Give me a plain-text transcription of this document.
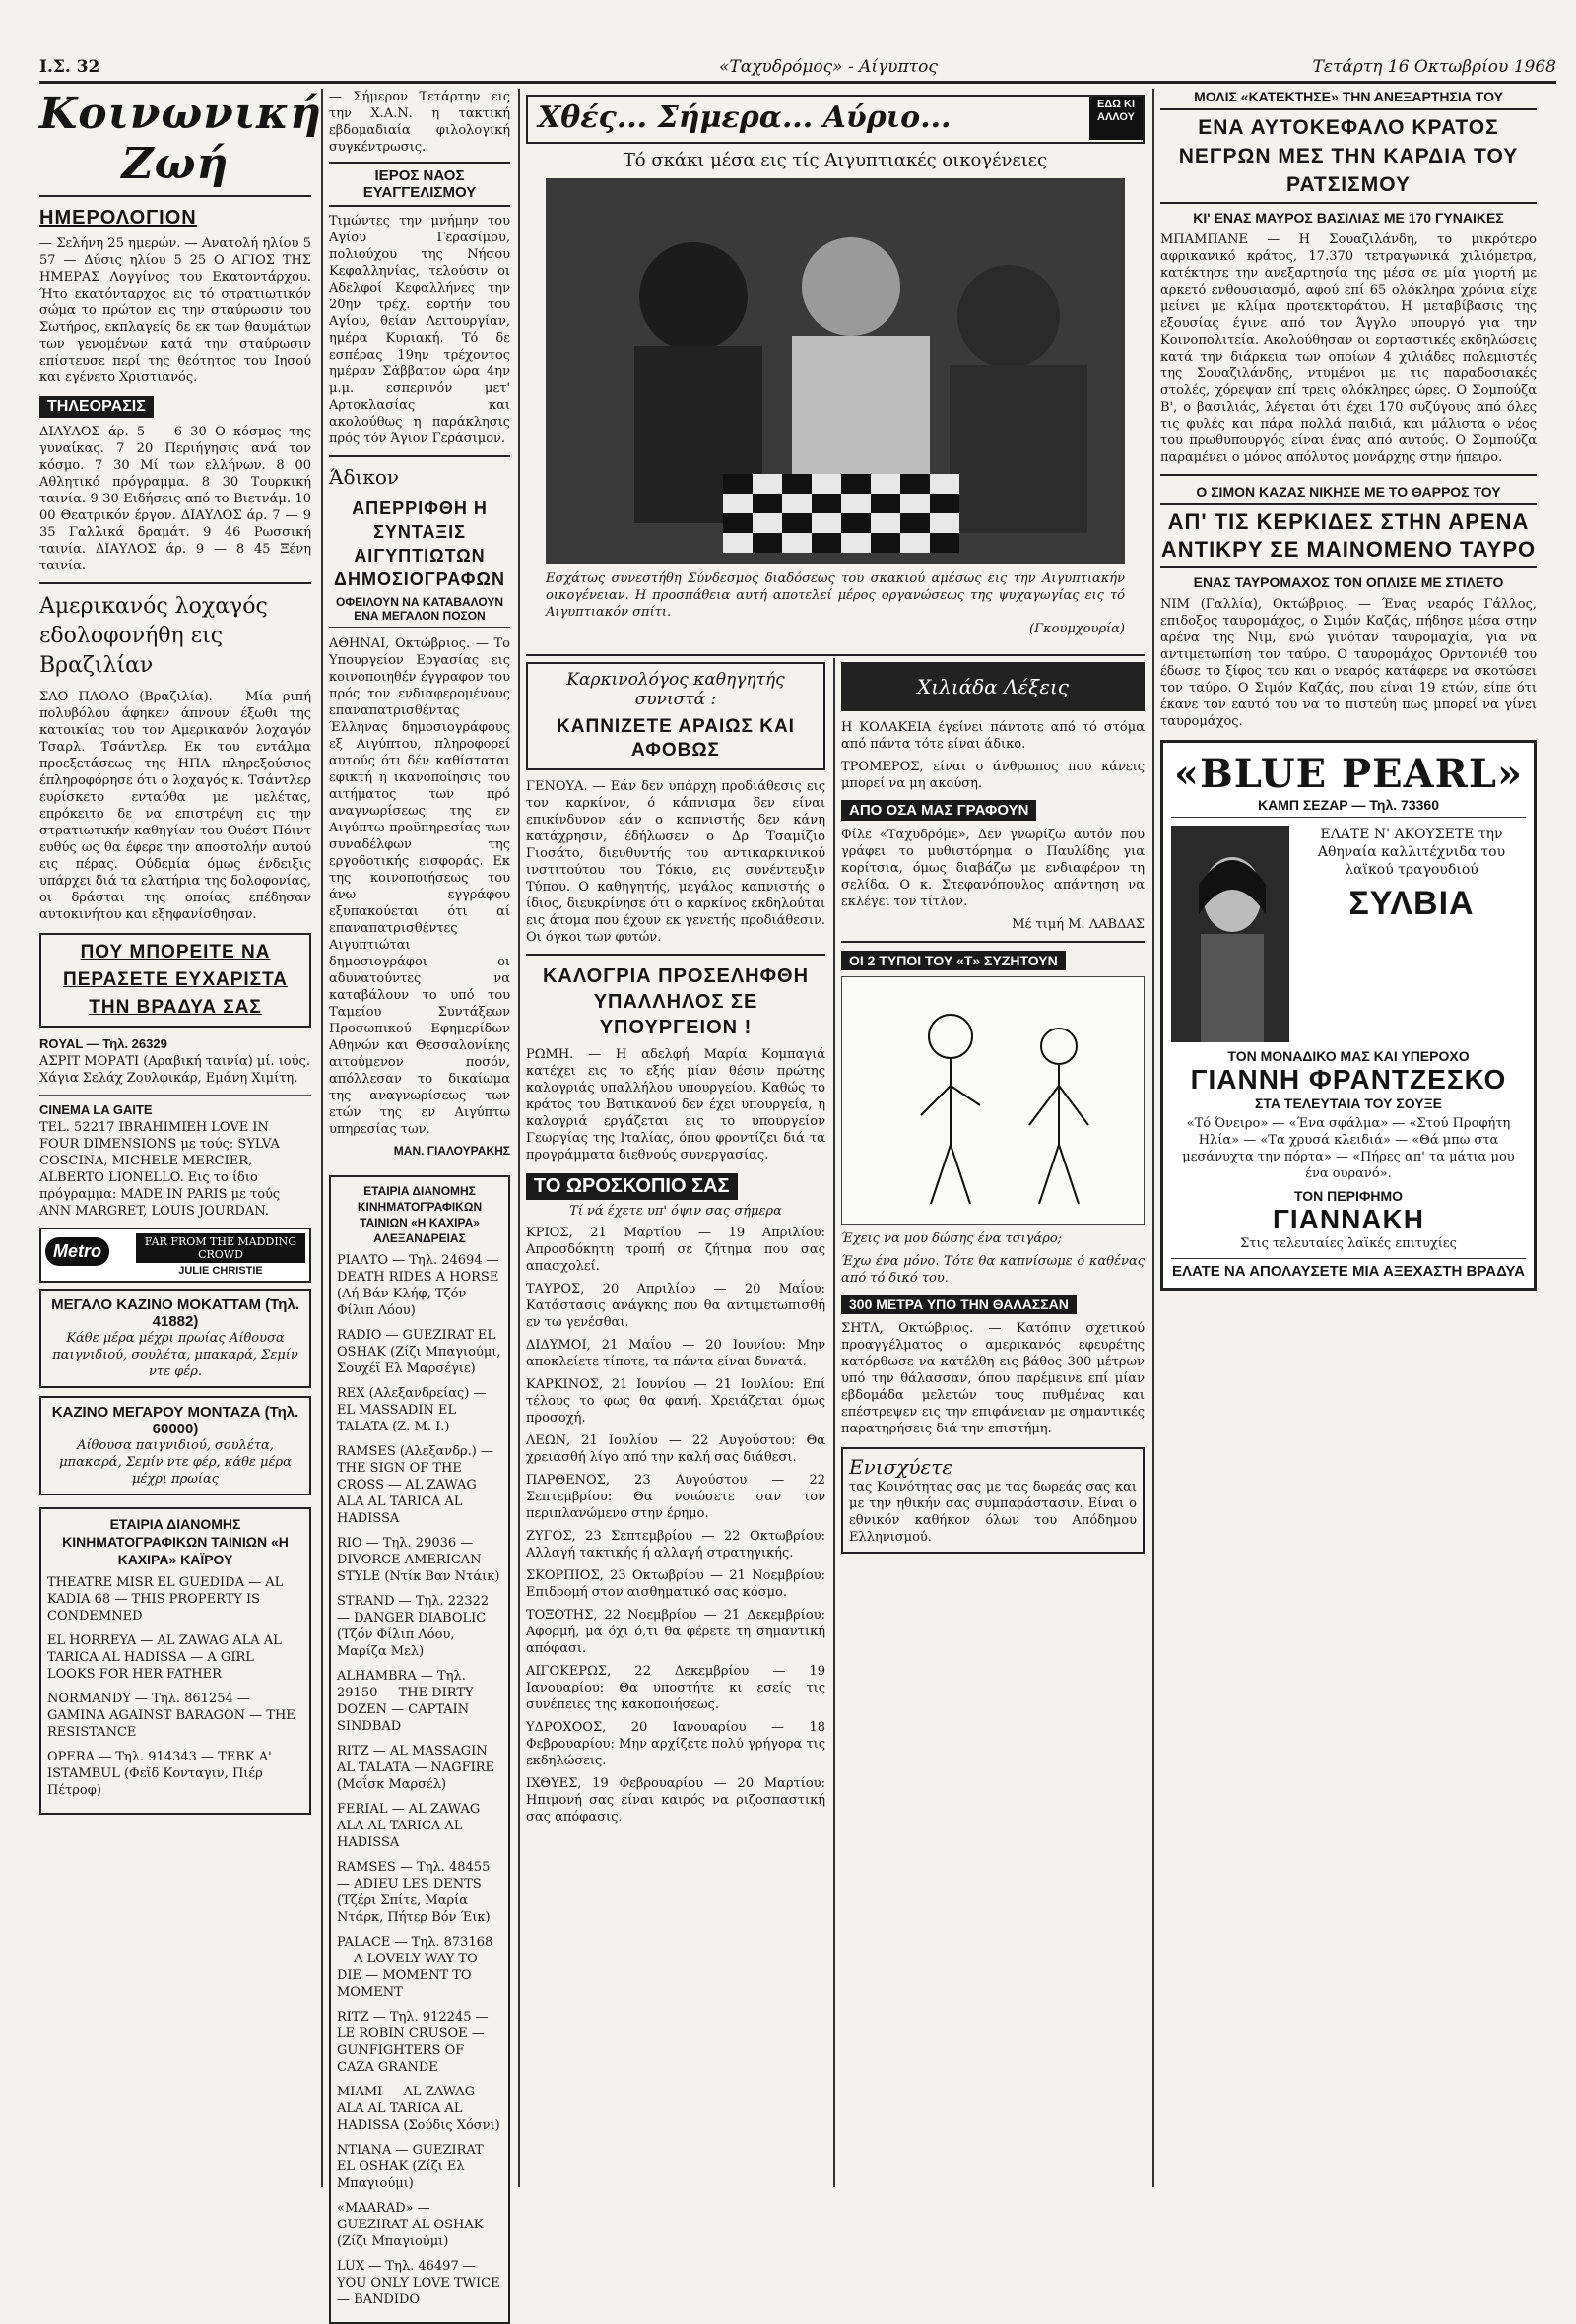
Ι.Σ. 32	«Ταχυδρόμος» - Αίγυπτος	Τετάρτη 16 Οκτωβρίου 1968
Κοινωνική Ζωή
ΗΜΕΡΟΛΟΓΙΟΝ

— Σελήνη 25 ημερών. — Ανατολή ηλίου 5 57 — Δύσις ηλίου 5 25 Ο ΑΓΙΟΣ ΤΗΣ ΗΜΕΡΑΣ Λογγίνος του Εκατοντάρχου. Ήτο εκατόνταρχος εις τό στρατιωτικόν σώμα το πρώτον εις την σταύρωσιν του Σωτήρος, εκπλαγείς δε εκ των θαυμάτων των γενομένων κατά την σταύρωσιν επίστευσε περί της θεότητος του Ιησού και εγένετο Χριστιανός.

ΤΗΛΕΟΡΑΣΙΣ

ΔΙΑΥΛΟΣ άρ. 5 — 6 30 Ο κόσμος της γυναίκας. 7 20 Περιήγησις ανά τον κόσμο. 7 30 Μί των ελλήνων. 8 00 Αθλητικό πρόγραμμα. 8 30 Τουρκική ταινία. 9 30 Ειδήσεις από το Βιετνάμ. 10 00 Θεατρικόν έργον. ΔΙΑΥΛΟΣ άρ. 7 — 9 35 Γαλλικά δραμάτ. 9 46 Ρωσσική ταινία. ΔΙΑΥΛΟΣ άρ. 9 — 8 45 Ξένη ταινία.

Αμερικανός λοχαγός εδολοφονήθη εις Βραζιλίαν

ΣΑΟ ΠΑΟΛΟ (Βραζιλία). — Μία ριπή πολυβόλου άφηκεν άπνουν έξωθι της κατοικίας του τον Αμερικανόν λοχαγόν Τσαρλ. Τσάντλερ. Εκ του εντάλμα προεξετάσεως της ΗΠΑ πληρεξούσιος έπληροφόρησε ότι ο λοχαγός κ. Τσάντλερ ευρίσκετο ενταύθα με μελέτας, επρόκειτο δε να επιστρέψη εις την στρατιωτικήν καθηγίαν του Ουέστ Πόιντ ευθύς ως θα έφερε την αποστολήν αυτού εις πέρας. Ούδεμία όμως ένδειξις υπάρχει διά τα ελατήρια της δολοφονίας, οι δράσται της οποίας επέδησαν αυτοκινήτου και εξηφανίσθησαν.

ΠΟΥ ΜΠΟΡΕΙΤΕ ΝΑ ΠΕΡΑΣΕΤΕ ΕΥΧΑΡΙΣΤΑ ΤΗΝ ΒΡΑΔΥΑ ΣΑΣ
ROYAL — Τηλ. 26329
ΑΣΡΙΤ ΜΟΡΑΤΙ (Αραβική ταινία) μί. ιούς. Χάγια Σελάχ Ζουλφικάρ, Εμάνη Χιμίτη.
CINEMA LA GAITE
TEL. 52217 IBRAHIMIEH LOVE IN FOUR DIMENSIONS με τούς: SYLVA COSCINA, MICHELE MERCIER, ALBERTO LIONELLO. Εις το ίδιο πρόγραμμα: MADE IN PARIS με τούς ANN MARGRET, LOUIS JOURDAN.
Metro	FAR FROM THE MADDING CROWD
JULIE CHRISTIE
ΜΕΓΑΛΟ ΚΑΖΙΝΟ ΜΟΚΑΤΤΑΜ (Τηλ. 41882)
Κάθε μέρα μέχρι πρωίας Αίθουσα παιγνιδιού, σουλέτα, μπακαρά, Σεμίν ντε φέρ.
ΚΑΖΙΝΟ ΜΕΓΑΡΟΥ ΜΟΝΤΑΖΑ (Τηλ. 60000)
Αίθουσα παιγνιδιού, σουλέτα, μπακαρά, Σεμίν ντε φέρ, κάθε μέρα μέχρι πρωίας
ΕΤΑΙΡΙΑ ΔΙΑΝΟΜΗΣ ΚΙΝΗΜΑΤΟΓΡΑΦΙΚΩΝ ΤΑΙΝΙΩΝ «Η ΚΑΧΙΡΑ» ΚΑΪΡΟΥ
THEATRE MISR EL GUEDIDA — AL KADIA 68 — THIS PROPERTY IS CONDEMNED
EL HORREYA — AL ZAWAG ALA AL TARICA AL HADISSA — A GIRL LOOKS FOR HER FATHER
NORMANDY — Τηλ. 861254 — GAMINA AGAINST BARAGON — THE RESISTANCE
OPERA — Τηλ. 914343 — ΤΕΒΚ Α' ISTAMBUL (Φεϊδ Κονταγιν, Πιέρ Πέτροφ)

— Σήμερον Τετάρτην εις την Χ.Α.Ν. η τακτική εβδομαδιαία φιλολογική συγκέντρωσις.

ΙΕΡΟΣ ΝΑΟΣ ΕΥΑΓΓΕΛΙΣΜΟΥ

Τιμώντες την μνήμην του Αγίου Γερασίμου, πολιούχου της Νήσου Κεφαλληνίας, τελούσιν οι Αδελφοί Κεφαλλήνες την 20ην τρέχ. εορτήν του Αγίου, θείαν Λειτουργίαν, ημέρα Κυριακή. Τό δε εσπέρας 19ην τρέχοντος ημέραν Σάββατον ώρα 4ην μ.μ. εσπερινόν μετ' Αρτοκλασίας και ακολούθως η παράκλησις πρός τόν Άγιον Γεράσιμον.

Άδικον
ΑΠΕΡΡΙΦΘΗ Η ΣΥΝΤΑΞΙΣ ΑΙΓΥΠΤΙΩΤΩΝ ΔΗΜΟΣΙΟΓΡΑΦΩΝ
ΟΦΕΙΛΟΥΝ ΝΑ ΚΑΤΑΒΑΛΟΥΝ ΕΝΑ ΜΕΓΑΛΟΝ ΠΟΣΟΝ

ΑΘΗΝΑΙ, Οκτώβριος. — Το Υπουργείον Εργασίας εις κοινοποιηθέν έγγραφον του πρός τον ενδιαφερομένους επαναπατρισθέντας Έλληνας δημοσιογράφους εξ Αιγύπτου, πληροφορεί αυτούς ότι δέν καθίσταται εφικτή η ικανοποίησις του αιτήματος των πρό αναγνωρίσεως της εν Αιγύπτω προϋπηρεσίας των συναδέλφων της εργοδοτικής εισφοράς. Εκ της κοινοποιήσεως του άνω εγγράφου εξυπακούεται ότι αί επαναπατρισθέντες Αιγυπτιώται δημοσιογράφοι οι αδυνατούντες να καταβάλουν το υπό του Ταμείου Συντάξεων Προσωπικού Εφημερίδων Αθηνών και Θεσσαλονίκης αιτούμενον ποσόν, απόλλεσαν το δικαίωμα της αναγνωρίσεως των ετών της εν Αιγύπτω υπηρεσίας των.

ΜΑΝ. ΓΙΑΛΟΥΡΑΚΗΣ
ΕΤΑΙΡΙΑ ΔΙΑΝΟΜΗΣ ΚΙΝΗΜΑΤΟΓΡΑΦΙΚΩΝ ΤΑΙΝΙΩΝ «Η ΚΑΧΙΡΑ» ΑΛΕΞΑΝΔΡΕΙΑΣ
ΡΙΑΛΤΟ — Τηλ. 24694 — DEATH RIDES A HORSE (Λή Βάν Κλήφ, Τζόν Φίλιπ Λόου)
RADIO — GUEZIRAT EL OSHAK (Ζίζι Μπαγιούμι, Σουχέϊ Ελ Μαρσέγιε)
REX (Αλεξανδρείας) — EL MASSADIN EL TALATA (Ζ. Μ. Ι.)
RAMSES (Αλεξανδρ.) — THE SIGN OF THE CROSS — AL ZAWAG ALA AL TARICA AL HADISSA
RIO — Τηλ. 29036 — DIVORCE AMERICAN STYLE (Ντίκ Βαν Ντάικ)
STRAND — Τηλ. 22322 — DANGER DIABOLIC (Τζόν Φίλιπ Λόου, Μαρίζα Μελ)
ALHAMBRA — Τηλ. 29150 — THE DIRTY DOZEN — CAPTAIN SINDBAD
RITZ — AL MASSAGIN AL TALATA — NAGFIRE (Μοΐσκ Μαρσέλ)
FERIAL — AL ZAWAG ALA AL TARICA AL HADISSA
RAMSES — Τηλ. 48455 — ADIEU LES DENTS (Τζέρι Σπίτε, Μαρία Ντάρκ, Πήτερ Βόν Έικ)
PALACE — Τηλ. 873168 — A LOVELY WAY TO DIE — MOMENT TO MOMENT
RITZ — Τηλ. 912245 — LE ROBIN CRUSOE — GUNFIGHTERS OF CAZA GRANDE
MIAMI — AL ZAWAG ALA AL TARICA AL HADISSA (Σούδις Χόσνι)
NTIANA — GUEZIRAT EL OSHAK (Ζίζι Ελ Μπαγιούμι)
«MAARAD» — GUEZIRAT AL OSHAK (Ζίζι Μπαγιούμι)
LUX — Τηλ. 46497 — YOU ONLY LOVE TWICE — BANDIDO
Χθές... Σήμερα... Αύριο...	ΕΔΩ ΚΙ ΑΛΛΟΥ
Τό σκάκι μέσα εις τίς Αιγυπτιακές οικογένειες

Εσχάτως συνεστήθη Σύνδεσμος διαδόσεως του σκακιού αμέσως εις την Αιγυπτιακήν οικογένειαν. Η προσπάθεια αυτή αποτελεί μέρος οργανώσεως της ψυχαγωγίας εις τό Αιγυπτιακόν σπίτι.

(Γκουμχουρία)
Καρκινολόγος καθηγητής συνιστά :
ΚΑΠΝΙΖΕΤΕ ΑΡΑΙΩΣ ΚΑΙ ΑΦΟΒΩΣ

ΓΕΝΟΥΑ. — Εάν δεν υπάρχη προδιάθεσις εις τον καρκίνον, ό κάπνισμα δεν είναι επικίνδυνον εάν ο καπνιστής δεν κάνη κατάχρησιν, έδήλωσεν ο Δρ Τσαμίζιο Γιοσάτο, διευθυντής του αντικαρκινικού ινστιτούτου του Τόκιο, εις συνέντευξιν Τύπου. Ο καθηγητής, μεγάλος καπνιστής ο ίδιος, διευκρίνησε ότι ο καρκίνος εκδηλούται εις άτομα που έχουν εκ γενετής προδιάθεσιν. Οι όγκοι των φυτών.

ΚΑΛΟΓΡΙΑ ΠΡΟΣΕΛΗΦΘΗ ΥΠΑΛΛΗΛΟΣ ΣΕ ΥΠΟΥΡΓΕΙΟΝ !

ΡΩΜΗ. — Η αδελφή Μαρία Κομπαγιά κατέχει εις το εξής μίαν θέσιν πρώτης καλογριάς υπαλλήλου υπουργείου. Καθώς το κράτος του Βατικανού δεν έχει υπουργεία, η καλογριά εργάζεται εις το υπουργείον Γεωργίας της Ιταλίας, όπου φροντίζει διά τα προγράμματα διεθνούς συνεργασίας.

ΤΟ ΩΡΟΣΚΟΠΙΟ ΣΑΣ
Τί νά έχετε υπ' όψιν σας σήμερα

ΚΡΙΟΣ, 21 Μαρτίου — 19 Απριλίου: Απροσδόκητη τροπή σε ζήτημα που σας απασχολεί.

ΤΑΥΡΟΣ, 20 Απριλίου — 20 Μαΐου: Κατάστασις ανάγκης που θα αντιμετωπισθή εν τω γενέσθαι.

ΔΙΔΥΜΟΙ, 21 Μαΐου — 20 Ιουνίου: Μην αποκλείετε τίποτε, τα πάντα είναι δυνατά.

ΚΑΡΚΙΝΟΣ, 21 Ιουνίου — 21 Ιουλίου: Επί τέλους το φως θα φανή. Χρειάζεται όμως προσοχή.

ΛΕΩΝ, 21 Ιουλίου — 22 Αυγούστου: Θα χρειασθή λίγο από την καλή σας διάθεσι.

ΠΑΡΘΕΝΟΣ, 23 Αυγούστου — 22 Σεπτεμβρίου: Θα νοιώσετε σαν τον περιπλανώμενο στην έρημο.

ΖΥΓΟΣ, 23 Σεπτεμβρίου — 22 Οκτωβρίου: Αλλαγή τακτικής ή αλλαγή στρατηγικής.

ΣΚΟΡΠΙΟΣ, 23 Οκτωβρίου — 21 Νοεμβρίου: Επιδρομή στον αισθηματικό σας κόσμο.

ΤΟΞΟΤΗΣ, 22 Νοεμβρίου — 21 Δεκεμβρίου: Αφορμή, μα όχι ό,τι θα φέρετε τη σημαντική απόφασι.

ΑΙΓΟΚΕΡΩΣ, 22 Δεκεμβρίου — 19 Ιανουαρίου: Θα υποστήτε κι εσείς τις συνέπειες της κακοποιήσεως.

ΥΔΡΟΧΟΟΣ, 20 Ιανουαρίου — 18 Φεβρουαρίου: Μην αρχίζετε πολύ γρήγορα τις εκδηλώσεις.

ΙΧΘΥΕΣ, 19 Φεβρουαρίου — 20 Μαρτίου: Ηπιμονή σας είναι καιρός να ριζοσπαστική σας απόφασις.

Χιλιάδα Λέξεις

Η ΚΟΛΑΚΕΙΑ έγείνει πάντοτε από τό στόμα από πάντα τότε είναι άδικο.

ΤΡΟΜΕΡΟΣ, είναι ο άνθρωπος που κάνεις μπορεί να μη ακούση.

ΑΠΟ ΟΣΑ ΜΑΣ ΓΡΑΦΟΥΝ

Φίλε «Ταχυδρόμε», Δεν γνωρίζω αυτόν που γράφει το μυθιστόρημα ο Παυλίδης για κορίτσια, όμως διαβάζω με ενδιαφέρον τη σελίδα. Ο κ. Στεφανόπουλος απάντηση να εκλέγει τον τίτλον.

Μέ τιμή Μ. ΛΑΒΔΑΣ
ΟΙ 2 ΤΥΠΟΙ ΤΟΥ «Τ» ΣΥΖΗΤΟΥΝ

Έχεις να μου δώσης ένα τσιγάρο;

Έχω ένα μόνο. Τότε θα καπνίσωμε ό καθένας από τό δικό του.

300 ΜΕΤΡΑ ΥΠΟ ΤΗΝ ΘΑΛΑΣΣΑΝ

ΣΗΤΛ, Οκτώβριος. — Κατόπιν σχετικού προαγγέλματος ο αμερικανός εφευρέτης κατόρθωσε να κατέλθη εις βάθος 300 μέτρων υπό την θάλασσαν, όπου παρέμεινε επί μίαν εβδομάδα μελετών τους πυθμένας και επέστρεψεν εις την επιφάνειαν με σημαντικές παρατηρήσεις διά την επιστήμη.

Ενισχύετε

τας Κοινότητας σας με τας δωρεάς σας και με την ηθικήν σας συμπαράστασιν. Είναι ο εθνικόν καθήκον όλων του Απόδημου Ελληνισμού.

ΜΟΛΙΣ «ΚΑΤΕΚΤΗΣΕ» ΤΗΝ ΑΝΕΞΑΡΤΗΣΙΑ ΤΟΥ
ΕΝΑ ΑΥΤΟΚΕΦΑΛΟ ΚΡΑΤΟΣ ΝΕΓΡΩΝ ΜΕΣ ΤΗΝ ΚΑΡΔΙΑ ΤΟΥ ΡΑΤΣΙΣΜΟΥ
ΚΙ' ΕΝΑΣ ΜΑΥΡΟΣ ΒΑΣΙΛΙΑΣ ΜΕ 170 ΓΥΝΑΙΚΕΣ

ΜΠΑΜΠΑΝΕ — Η Σουαζιλάνδη, το μικρότερο αφρικανικό κράτος, 17.370 τετραγωνικά χιλιόμετρα, κατέκτησε την ανεξαρτησία της μέσα σε μία γιορτή με αρκετό ενθουσιασμό, αφού επί 65 ολόκληρα χρόνια είχε μείνει με κλίμα προτεκτοράτου. Η μεταβίβασις της εξουσίας έγινε από τον Άγγλο υπουργό για την Κοινοπολιτεία. Ακολούθησαν οι εορταστικές εκδηλώσεις κατά την διάρκεια των οποίων 4 χιλιάδες πολεμιστές της Σουαζιλάνδης, ντυμένοι με τις παραδοσιακές στολές, χόρεψαν επί τρεις ολόκληρες ώρες. Ο Σομπούζα Β', ο βασιλιάς, λέγεται ότι έχει 170 συζύγους από όλες τις φυλές και πάρα πολλά παιδιά, και μάλιστα ο νέος του πρωθυπουργός είναι ένας από αυτούς. Ο Σομπούζα παραμένει ο μόνος απόλυτος μονάρχης στην ήπειρο.

Ο ΣΙΜΟΝ ΚΑΖΑΣ ΝΙΚΗΣΕ ΜΕ ΤΟ ΘΑΡΡΟΣ ΤΟΥ
ΑΠ' ΤΙΣ ΚΕΡΚΙΔΕΣ ΣΤΗΝ ΑΡΕΝΑ ΑΝΤΙΚΡΥ ΣΕ ΜΑΙΝΟΜΕΝΟ ΤΑΥΡΟ
ΕΝΑΣ ΤΑΥΡΟΜΑΧΟΣ ΤΟΝ ΟΠΛΙΣΕ ΜΕ ΣΤΙΛΕΤΟ

ΝΙΜ (Γαλλία), Οκτώβριος. — Ένας νεαρός Γάλλος, επιδοξος ταυρομάχος, ο Σιμόν Καζάς, πήδησε μέσα στην αρένα της Νιμ, ενώ γινόταν ταυρομαχία, για να αντιμετωπίση τον ταύρο. Ο ταυρομάχος Ορντονιέθ του έδωσε το ξίφος του και ο νεαρός κατάφερε να σκοτώσει τον ταύρο. Ο Σιμόν Καζάς, που είναι 19 ετών, είπε ότι έκανε τον εαυτό του να το πιστεύη πως μπορεί να γίνει ταυρομάχος.

«BLUE PEARL»
ΚΑΜΠ ΣΕΖΑΡ — Τηλ. 73360
ΕΛΑΤΕ Ν' ΑΚΟΥΣΕΤΕ την Αθηναία καλλιτέχνιδα του λαϊκού τραγουδιού
ΣΥΛΒΙΑ
ΤΟΝ ΜΟΝΑΔΙΚΟ ΜΑΣ ΚΑΙ ΥΠΕΡΟΧΟ
ΓΙΑΝΝΗ ΦΡΑΝΤΖΕΣΚΟ
ΣΤΑ ΤΕΛΕΥΤΑΙΑ ΤΟΥ ΣΟΥΞΕ

«Τό Όνειρο» — «Ένα σφάλμα» — «Στού Προφήτη Ηλία» — «Τα χρυσά κλειδιά» — «Θά μπω στα μεσάνυχτα την πόρτα» — «Πήρες απ' τα μάτια μου ένα ουρανό».

ΤΟΝ ΠΕΡΙΦΗΜΟ
ΓΙΑΝΝΑΚΗ
Στις τελευταίες λαϊκές επιτυχίες
ΕΛΑΤΕ ΝΑ ΑΠΟΛΑΥΣΕΤΕ ΜΙΑ ΑΞΕΧΑΣΤΗ ΒΡΑΔΥΑ
